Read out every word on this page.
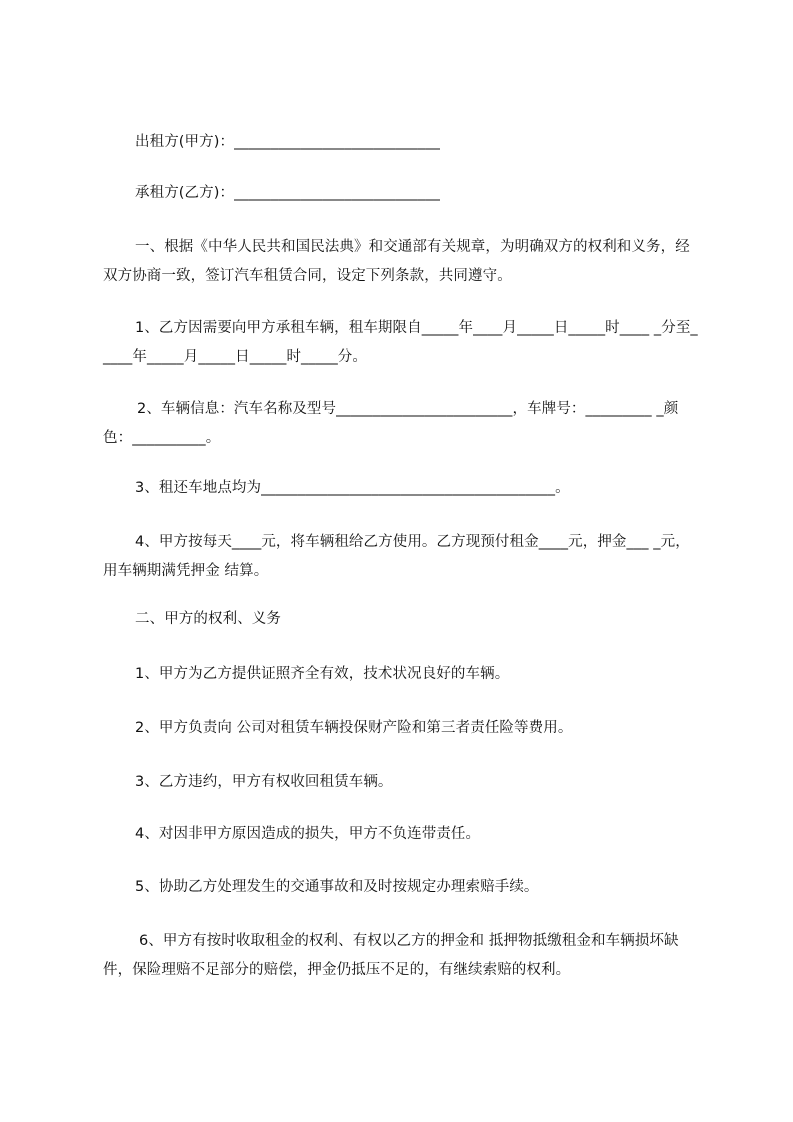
出租方(甲方)：____________________________
承租方(乙方)：____________________________
一、根据《中华人民共和国民法典》和交通部有关规章，为明确双方的权利和义务，经双方协商一致，签订汽车租赁合同，设定下列条款，共同遵守。
1、乙方因需要向甲方承租车辆，租车期限自_____年____月_____日_____时____ _分至_____年_____月_____日_____时_____分。
2、车辆信息：汽车名称及型号________________________，车牌号：_________ _颜色：__________。
3、租还车地点均为________________________________________。
4、甲方按每天____元，将车辆租给乙方使用。乙方现预付租金____元，押金___ _元，用车辆期满凭押金 结算。
二、甲方的权利、义务
1、甲方为乙方提供证照齐全有效，技术状况良好的车辆。
2、甲方负责向 公司对租赁车辆投保财产险和第三者责任险等费用。
3、乙方违约，甲方有权收回租赁车辆。
4、对因非甲方原因造成的损失，甲方不负连带责任。
5、协助乙方处理发生的交通事故和及时按规定办理索赔手续。
6、甲方有按时收取租金的权利、有权以乙方的押金和 抵押物抵缴租金和车辆损坏缺件，保险理赔不足部分的赔偿，押金仍抵压不足的，有继续索赔的权利。
